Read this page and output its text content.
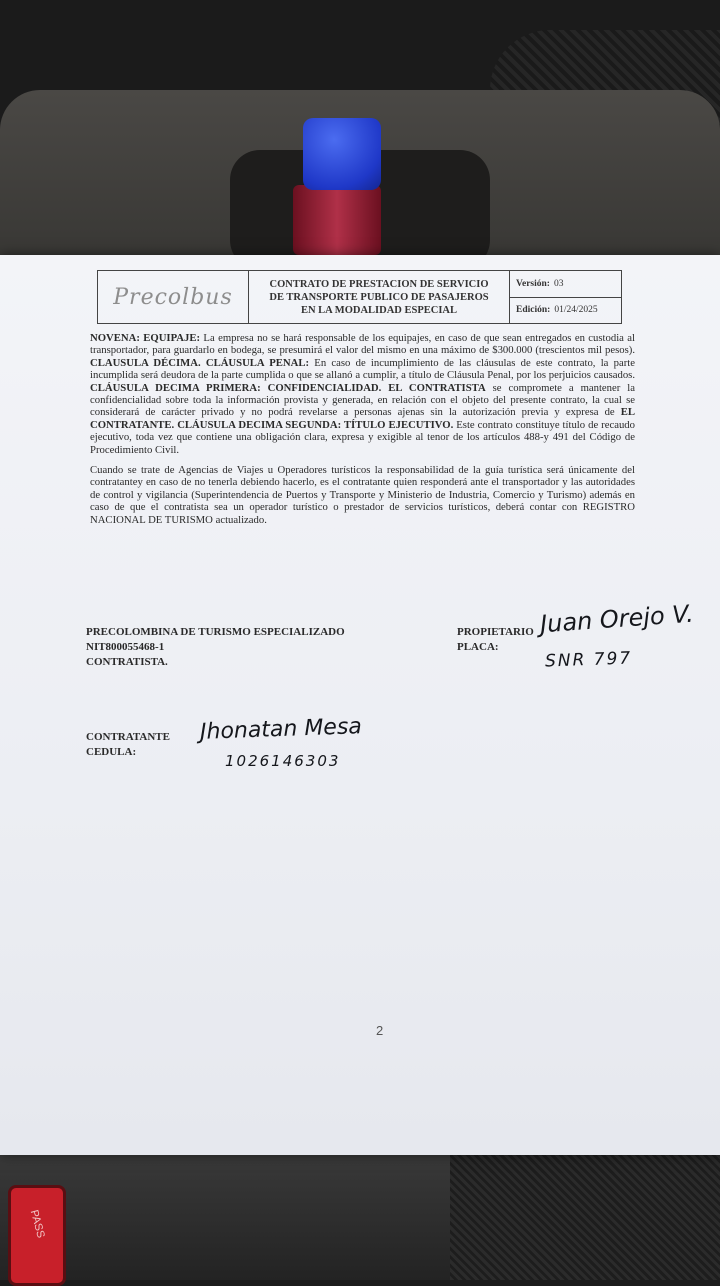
PASS
Precolbus
CONTRATO DE PRESTACION DE SERVICIO
DE TRANSPORTE PUBLICO DE PASAJEROS
EN LA MODALIDAD ESPECIAL
Versión: 03
Edición: 01/24/2025

NOVENA: EQUIPAJE: La empresa no se hará responsable de los equipajes, en caso de que sean entregados en custodia al transportador, para guardarlo en bodega, se presumirá el valor del mismo en una máximo de $300.000 (trescientos mil pesos). CLAUSULA DÉCIMA. CLÁUSULA PENAL: En caso de incumplimiento de las cláusulas de este contrato, la parte incumplida será deudora de la parte cumplida o que se allanó a cumplir, a título de Cláusula Penal, por los perjuicios causados. CLÁUSULA DECIMA PRIMERA: CONFIDENCIALIDAD. EL CONTRATISTA se compromete a mantener la confidencialidad sobre toda la información provista y generada, en relación con el objeto del presente contrato, la cual se considerará de carácter privado y no podrá revelarse a personas ajenas sin la autorización previa y expresa de EL CONTRATANTE. CLÁUSULA DECIMA SEGUNDA: TÍTULO EJECUTIVO. Este contrato constituye título de recaudo ejecutivo, toda vez que contiene una obligación clara, expresa y exigible al tenor de los artículos 488-y 491 del Código de Procedimiento Civil.

Cuando se trate de Agencias de Viajes u Operadores turísticos la responsabilidad de la guía turística será únicamente del contratantey en caso de no tenerla debiendo hacerlo, es el contratante quien responderá ante el transportador y las autoridades de control y vigilancia (Superintendencia de Puertos y Transporte y Ministerio de Industria, Comercio y Turismo) además en caso de que el contratista sea un operador turístico o prestador de servicios turísticos, deberá contar con REGISTRO NACIONAL DE TURISMO actualizado.

PRECOLOMBINA DE TURISMO ESPECIALIZADO
NIT800055468-1
CONTRATISTA.
PROPIETARIO
PLACA:
Juan Orejo V.
SNR 797
CONTRATANTE
CEDULA:
Jhonatan Mesa
1026146303
2
